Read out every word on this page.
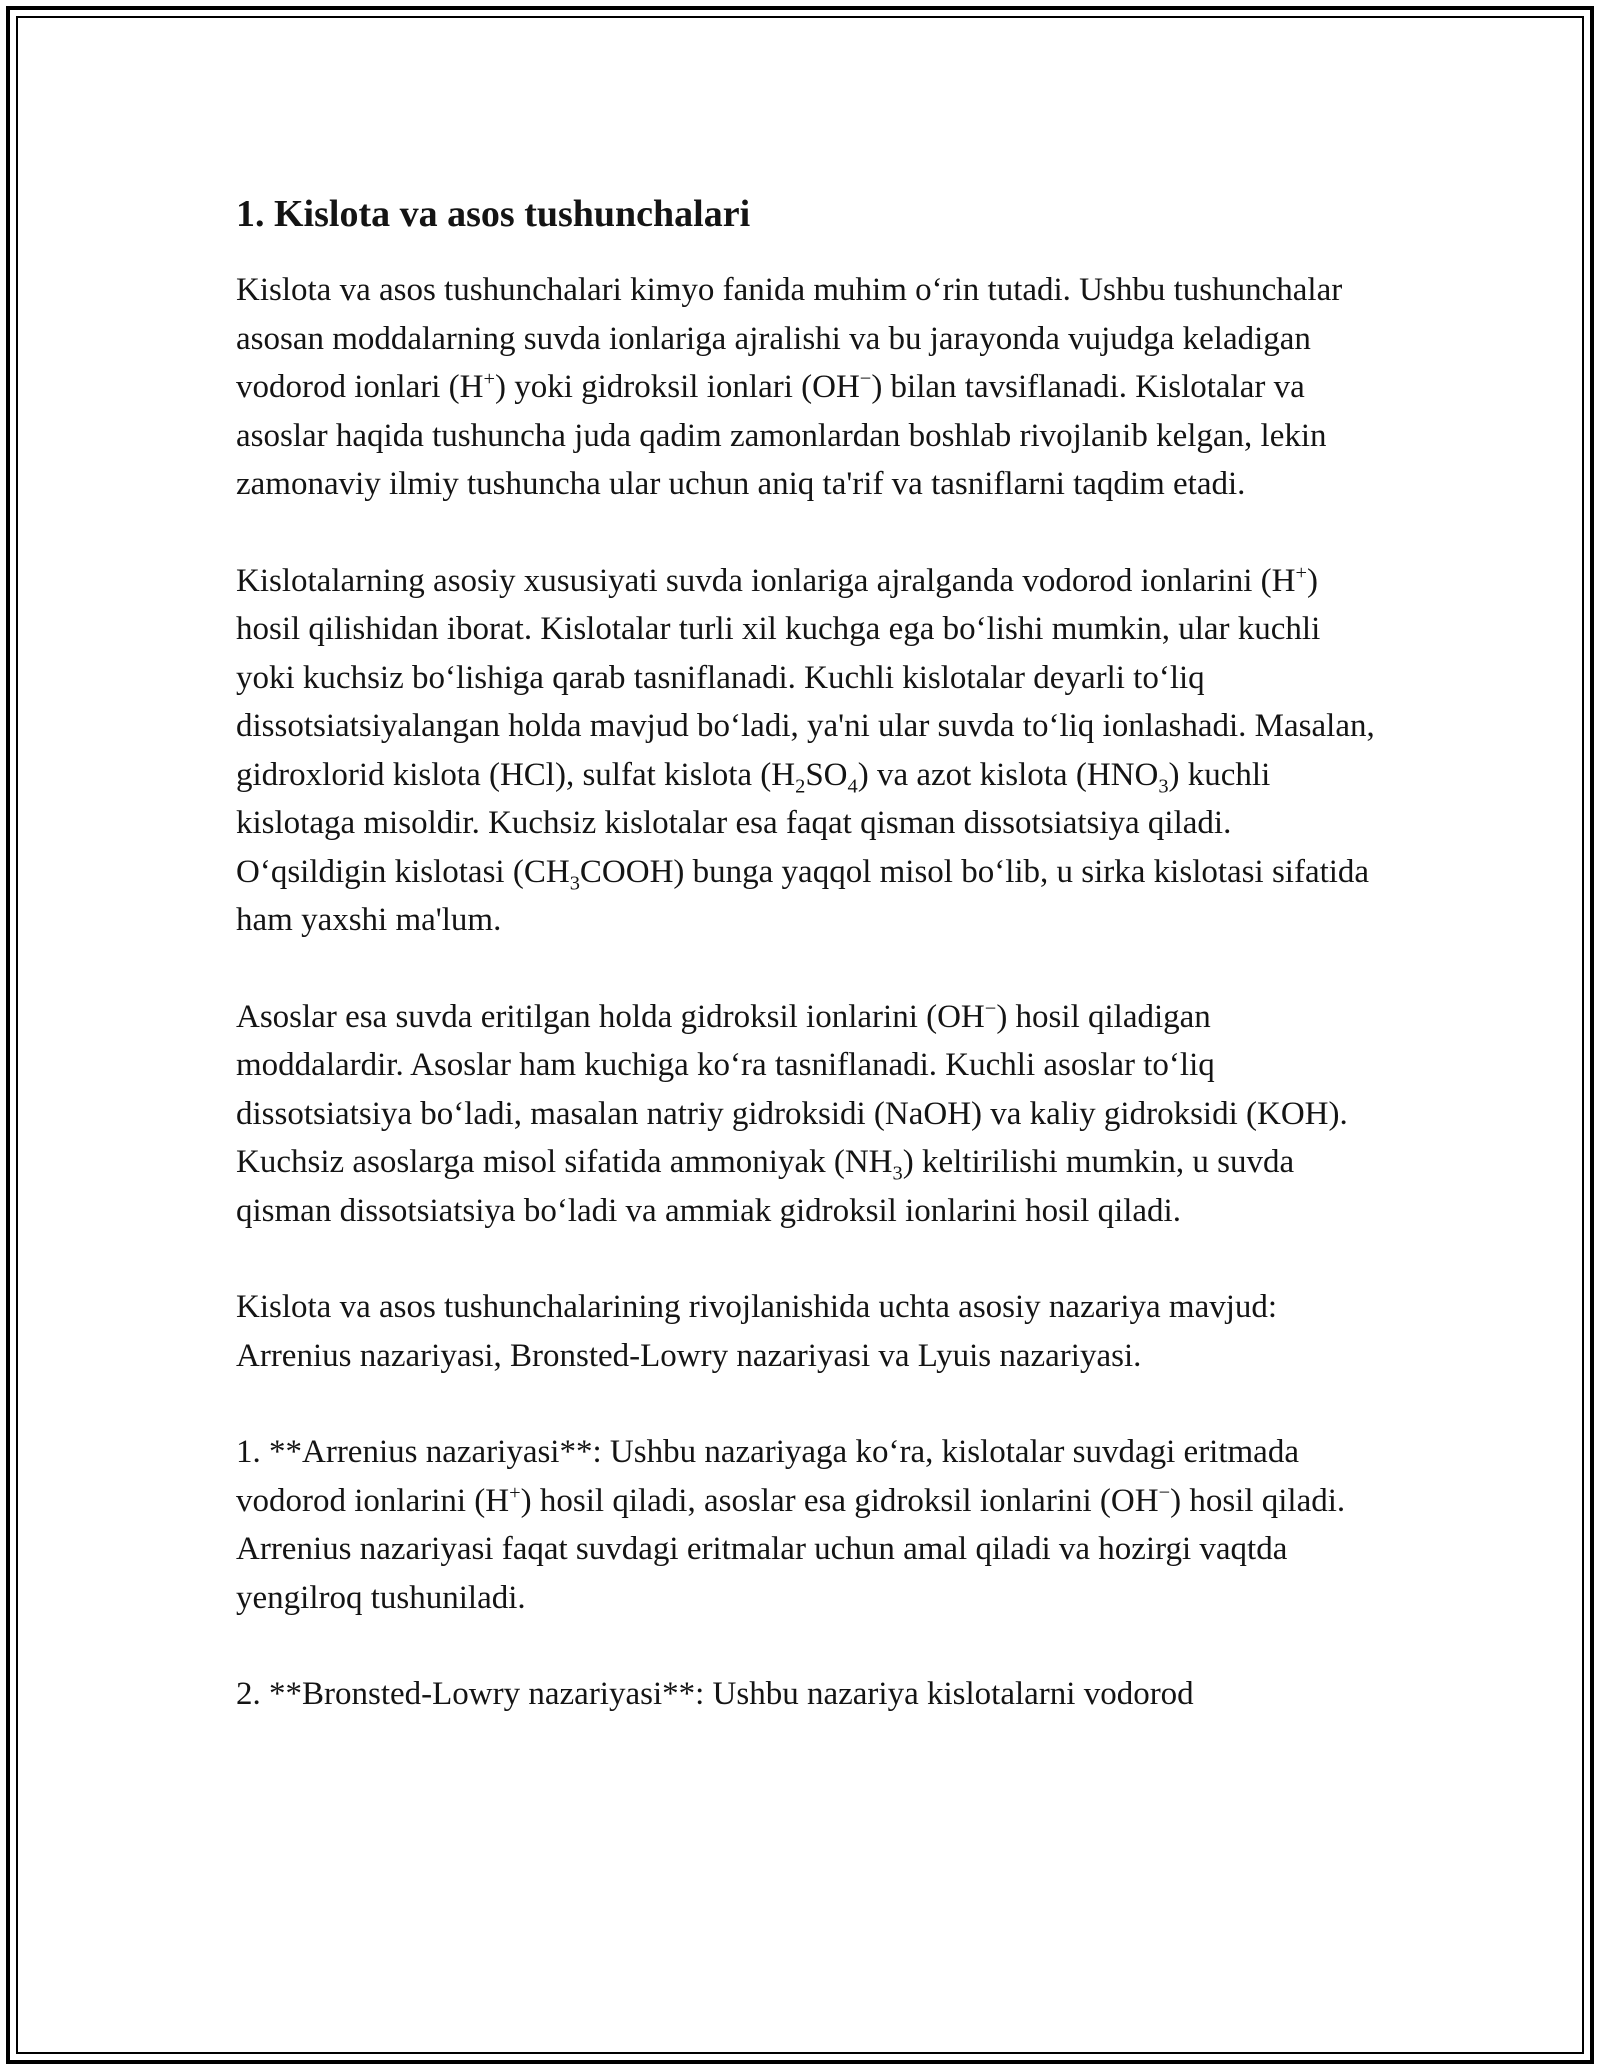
1. Kislota va asos tushunchalari

Kislota va asos tushunchalari kimyo fanida muhim o‘rin tutadi. Ushbu tushunchalar asosan moddalarning suvda ionlariga ajralishi va bu jarayonda vujudga keladigan vodorod ionlari (H+) yoki gidroksil ionlari (OH−) bilan tavsiflanadi. Kislotalar va asoslar haqida tushuncha juda qadim zamonlardan boshlab rivojlanib kelgan, lekin zamonaviy ilmiy tushuncha ular uchun aniq ta'rif va tasniflarni taqdim etadi.

Kislotalarning asosiy xususiyati suvda ionlariga ajralganda vodorod ionlarini (H+) hosil qilishidan iborat. Kislotalar turli xil kuchga ega bo‘lishi mumkin, ular kuchli yoki kuchsiz bo‘lishiga qarab tasniflanadi. Kuchli kislotalar deyarli to‘liq dissotsiatsiyalangan holda mavjud bo‘ladi, ya'ni ular suvda to‘liq ionlashadi. Masalan, gidroxlorid kislota (HCl), sulfat kislota $(H_2SO_4)$ va azot kislota $(HNO_3)$ kuchli kislotaga misoldir. Kuchsiz kislotalar esa faqat qisman dissotsiatsiya qiladi. O‘qsildigin kislotasi $(CH_3COOH)$ bunga yaqqol misol bo‘lib, u sirka kislotasi sifatida ham yaxshi ma'lum.

Asoslar esa suvda eritilgan holda gidroksil ionlarini (OH−) hosil qiladigan moddalardir. Asoslar ham kuchiga ko‘ra tasniflanadi. Kuchli asoslar to‘liq dissotsiatsiya bo‘ladi, masalan natriy gidroksidi (NaOH) va kaliy gidroksidi (KOH). Kuchsiz asoslarga misol sifatida ammoniyak $(NH_3)$ keltirilishi mumkin, u suvda qisman dissotsiatsiya bo‘ladi va ammiak gidroksil ionlarini hosil qiladi.

Kislota va asos tushunchalarining rivojlanishida uchta asosiy nazariya mavjud: Arrenius nazariyasi, Bronsted-Lowry nazariyasi va Lyuis nazariyasi.

1. **Arrenius nazariyasi**: Ushbu nazariyaga ko‘ra, kislotalar suvdagi eritmada vodorod ionlarini (H+) hosil qiladi, asoslar esa gidroksil ionlarini (OH−) hosil qiladi. Arrenius nazariyasi faqat suvdagi eritmalar uchun amal qiladi va hozirgi vaqtda yengilroq tushuniladi.

2. **Bronsted-Lowry nazariyasi**: Ushbu nazariya kislotalarni vodorod
